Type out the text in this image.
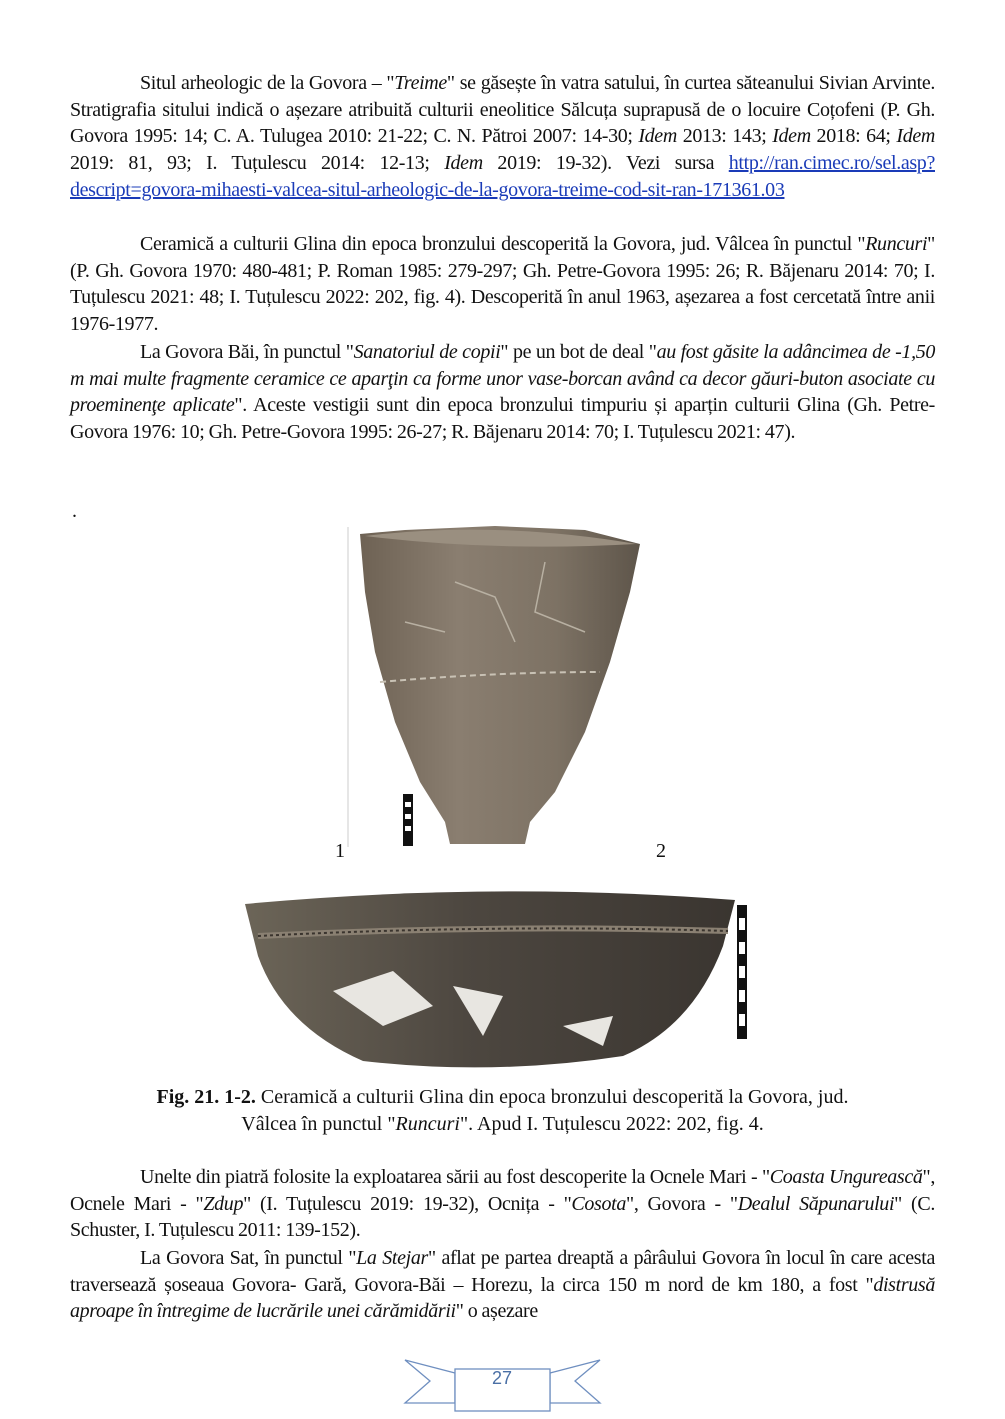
Situl arheologic de la Govora – "Treime" se găsește în vatra satului, în curtea săteanului Sivian Arvinte. Stratigrafia sitului indică o așezare atribuită culturii eneolitice Sălcuța suprapusă de o locuire Coțofeni (P. Gh. Govora 1995: 14; C. A. Tulugea 2010: 21-22; C. N. Pătroi 2007: 14-30; Idem 2013: 143; Idem 2018: 64; Idem 2019: 81, 93; I. Tuțulescu 2014: 12-13; Idem 2019: 19-32). Vezi sursa http://ran.cimec.ro/sel.asp?descript=govora-mihaesti-valcea-situl-arheologic-de-la-govora-treime-cod-sit-ran-171361.03
Ceramică a culturii Glina din epoca bronzului descoperită la Govora, jud. Vâlcea în punctul "Runcuri" (P. Gh. Govora 1970: 480-481; P. Roman 1985: 279-297; Gh. Petre-Govora 1995: 26; R. Băjenaru 2014: 70; I. Tuțulescu 2021: 48; I. Tuțulescu 2022: 202, fig. 4). Descoperită în anul 1963, așezarea a fost cercetată între anii 1976-1977.
La Govora Băi, în punctul "Sanatoriul de copii" pe un bot de deal "au fost găsite la adâncimea de -1,50 m mai multe fragmente ceramice ce aparţin ca forme unor vase-borcan având ca decor găuri-buton asociate cu proeminenţe aplicate". Aceste vestigii sunt din epoca bronzului timpuriu și aparțin culturii Glina (Gh. Petre-Govora 1976: 10; Gh. Petre-Govora 1995: 26-27; R. Băjenaru 2014: 70; I. Tuțulescu 2021: 47).
.
1	2
Fig. 21. 1-2. Ceramică a culturii Glina din epoca bronzului descoperită la Govora, jud.
Vâlcea în punctul "Runcuri". Apud I. Tuțulescu 2022: 202, fig. 4.
Unelte din piatră folosite la exploatarea sării au fost descoperite la Ocnele Mari - "Coasta Ungurească", Ocnele Mari - "Zdup" (I. Tuțulescu 2019: 19-32), Ocnița - "Cosota", Govora - "Dealul Săpunarului" (C. Schuster, I. Tuțulescu 2011: 139-152).
La Govora Sat, în punctul "La Stejar" aflat pe partea dreaptă a pârâului Govora în locul în care acesta traversează șoseaua Govora- Gară, Govora-Băi – Horezu, la circa 150 m nord de km 180, a fost "distrusă aproape în întregime de lucrările unei cărămidării" o așezare
27
